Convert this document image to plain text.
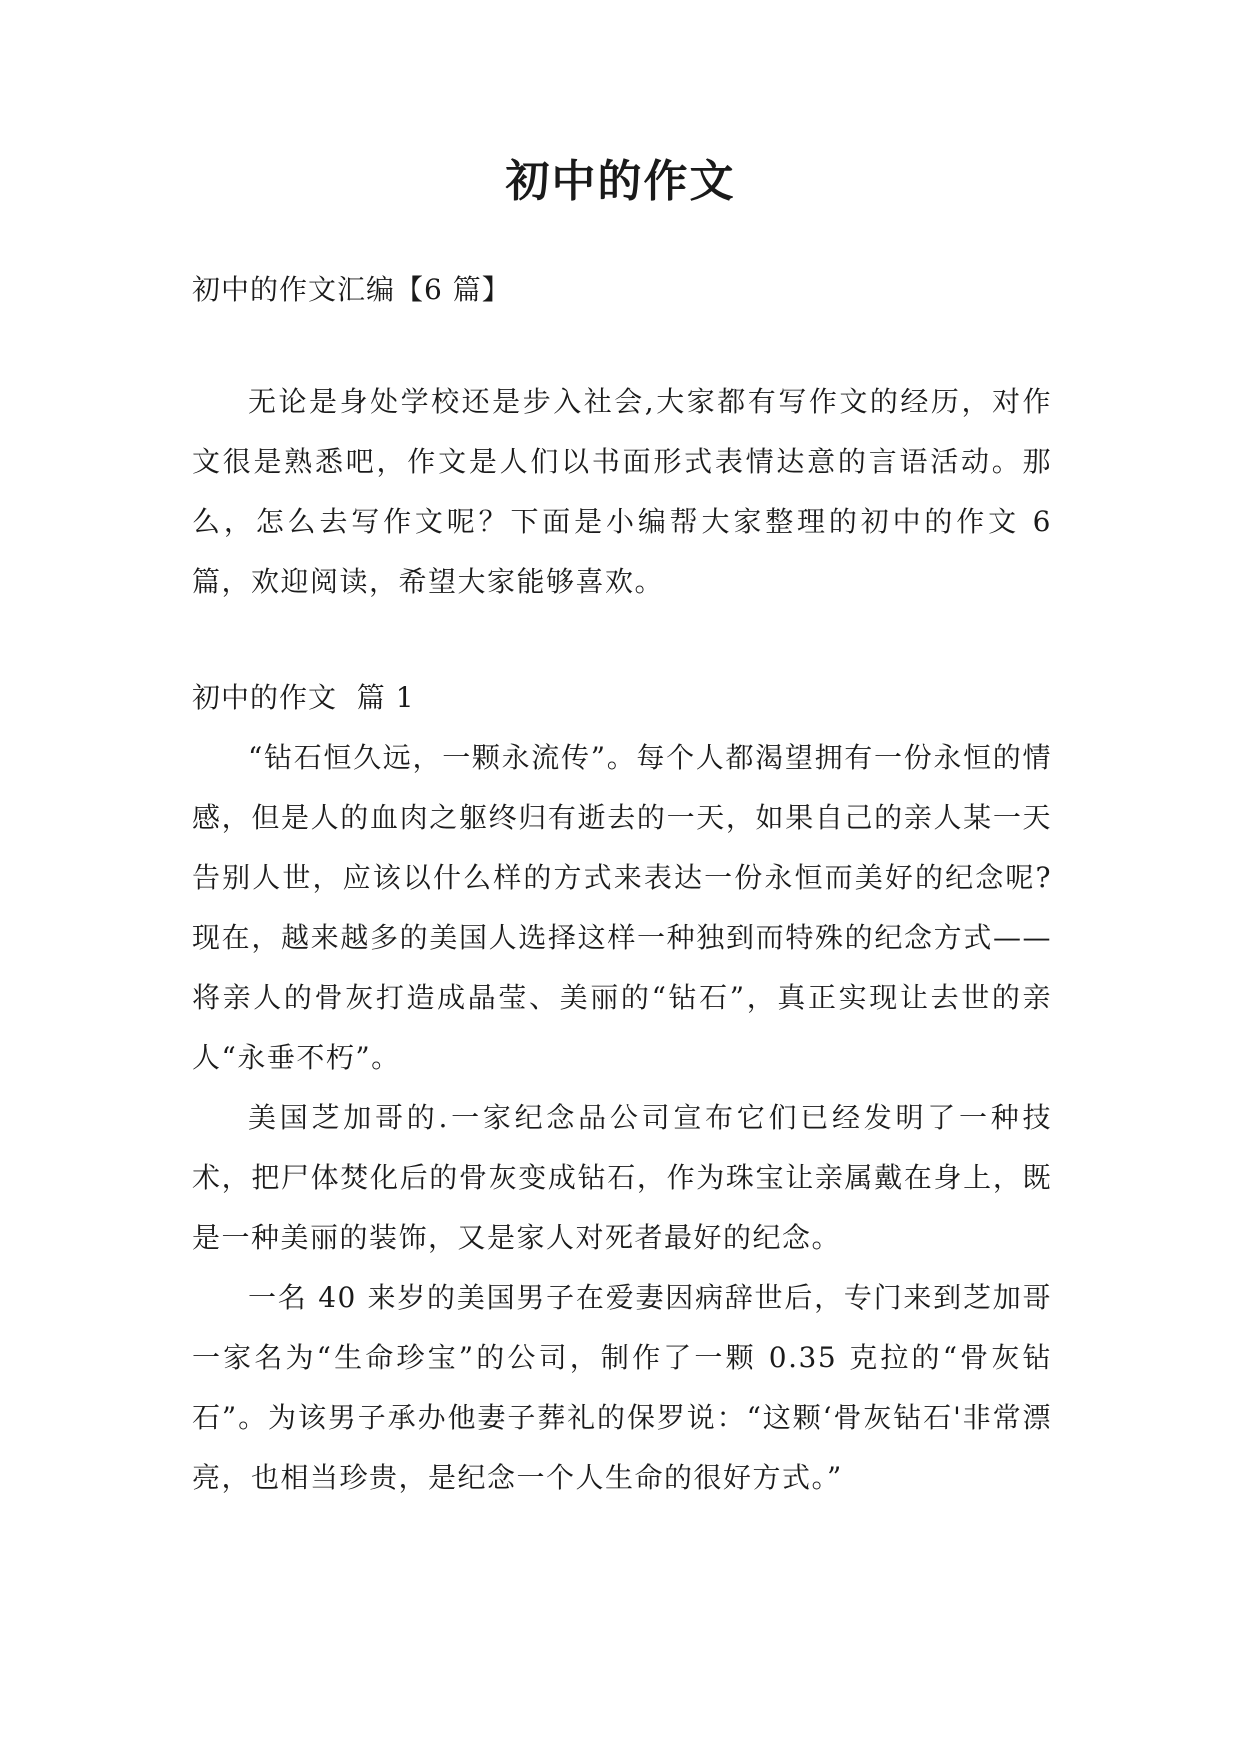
初中的作文

初中的作文汇编【6 篇】

无论是身处学校还是步入社会,大家都有写作文的经历，对作文很是熟悉吧，作文是人们以书面形式表情达意的言语活动。那么，怎么去写作文呢？下面是小编帮大家整理的初中的作文 6 篇，欢迎阅读，希望大家能够喜欢。

初中的作文  篇 1

“钻石恒久远，一颗永流传”。每个人都渴望拥有一份永恒的情感，但是人的血肉之躯终归有逝去的一天，如果自己的亲人某一天告别人世，应该以什么样的方式来表达一份永恒而美好的纪念呢?现在，越来越多的美国人选择这样一种独到而特殊的纪念方式——将亲人的骨灰打造成晶莹、美丽的“钻石”，真正实现让去世的亲人“永垂不朽”。

美国芝加哥的.一家纪念品公司宣布它们已经发明了一种技术，把尸体焚化后的骨灰变成钻石，作为珠宝让亲属戴在身上，既是一种美丽的装饰，又是家人对死者最好的纪念。

一名 40 来岁的美国男子在爱妻因病辞世后，专门来到芝加哥一家名为“生命珍宝”的公司，制作了一颗 0.35 克拉的“骨灰钻石”。为该男子承办他妻子葬礼的保罗说：“这颗‘骨灰钻石'非常漂亮，也相当珍贵，是纪念一个人生命的很好方式。”
